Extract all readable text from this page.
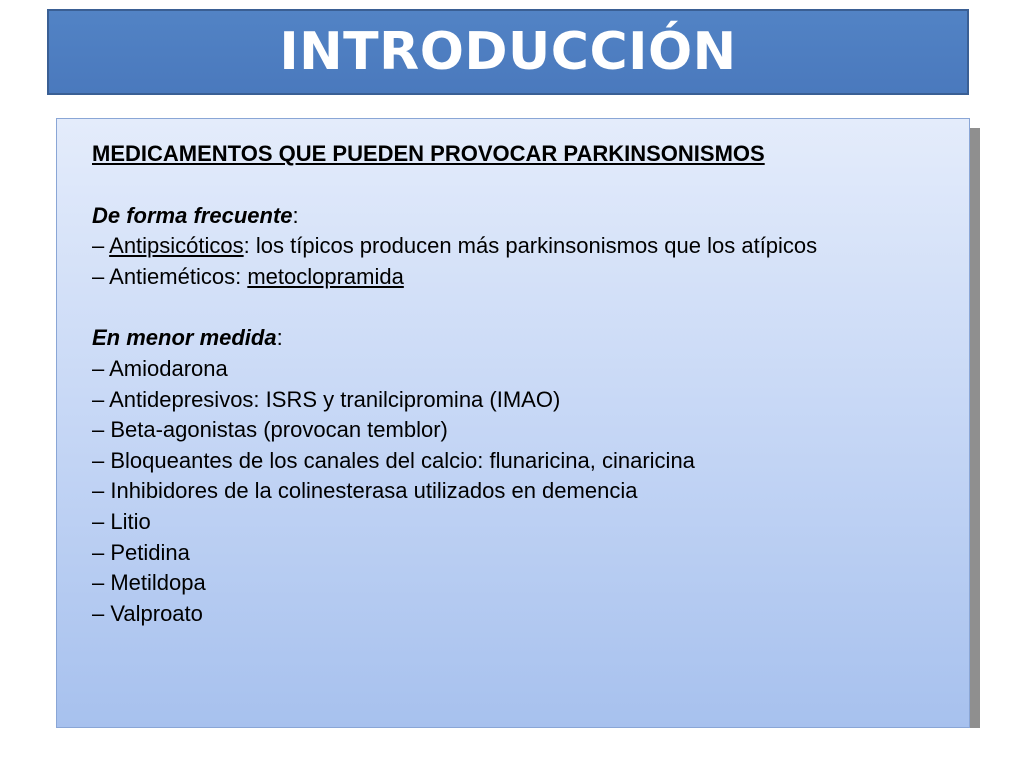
INTRODUCCIÓN
MEDICAMENTOS QUE PUEDEN PROVOCAR PARKINSONISMOS
De forma frecuente:
– Antipsicóticos: los típicos producen más parkinsonismos que los atípicos
– Antieméticos: metoclopramida
En menor medida:
– Amiodarona
– Antidepresivos: ISRS y tranilcipromina (IMAO)
– Beta-agonistas (provocan temblor)
– Bloqueantes de los canales del calcio: flunaricina, cinaricina
– Inhibidores de la colinesterasa utilizados en demencia
– Litio
– Petidina
– Metildopa
– Valproato
